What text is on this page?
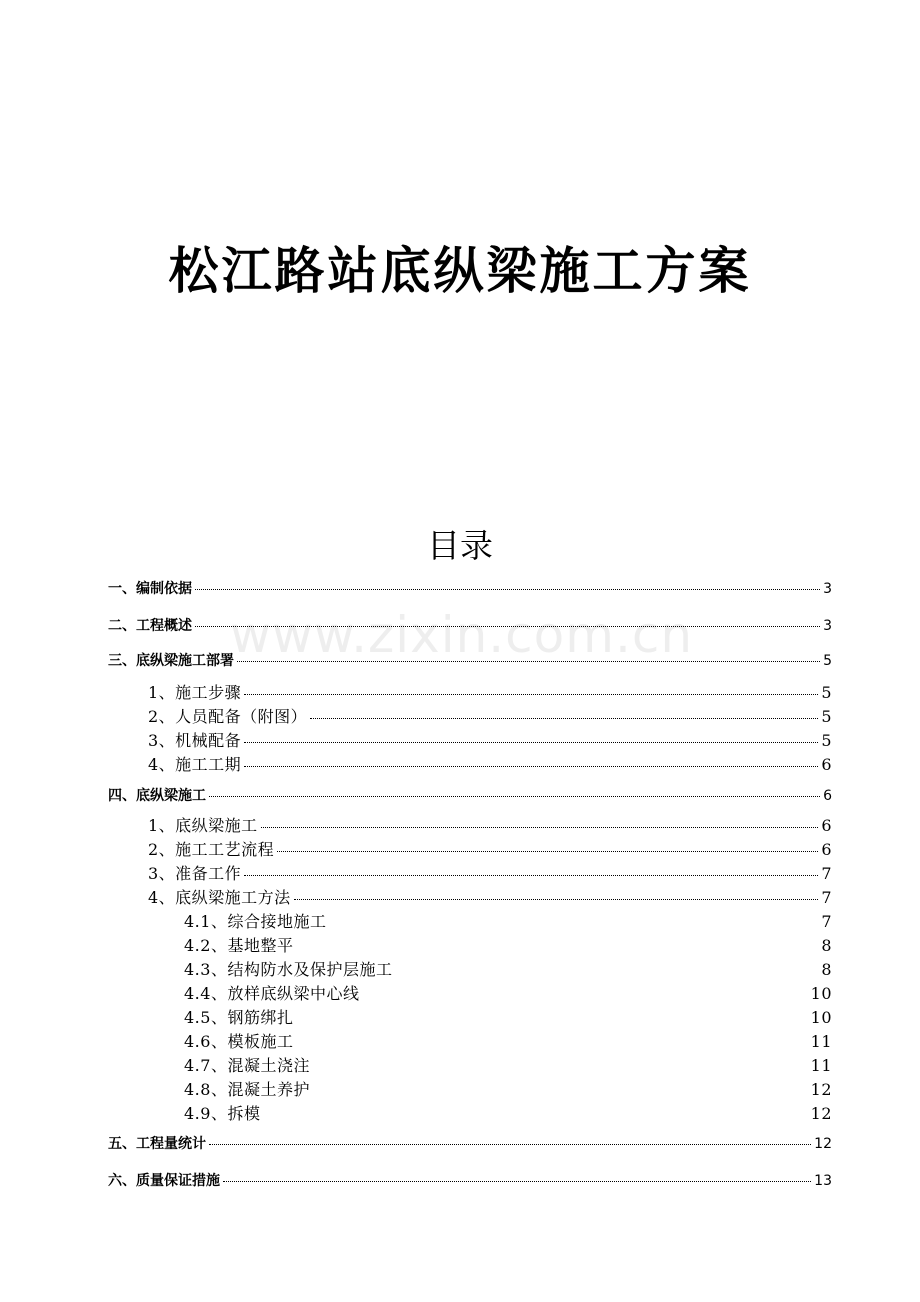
松江路站底纵梁施工方案
目录
www.zixin.com.cn
一、编制依据	3
二、工程概述	3
三、底纵梁施工部署	5
1、施工步骤	5
2、人员配备（附图）	5
3、机械配备	5
4、施工工期	6
四、底纵梁施工	6
1、底纵梁施工	6
2、施工工艺流程	6
3、准备工作	7
4、底纵梁施工方法	7
4.1、综合接地施工	7
4.2、基地整平	8
4.3、结构防水及保护层施工	8
4.4、放样底纵梁中心线	10
4.5、钢筋绑扎	10
4.6、模板施工	11
4.7、混凝土浇注	11
4.8、混凝土养护	12
4.9、拆模	12
五、工程量统计	12
六、质量保证措施	13
